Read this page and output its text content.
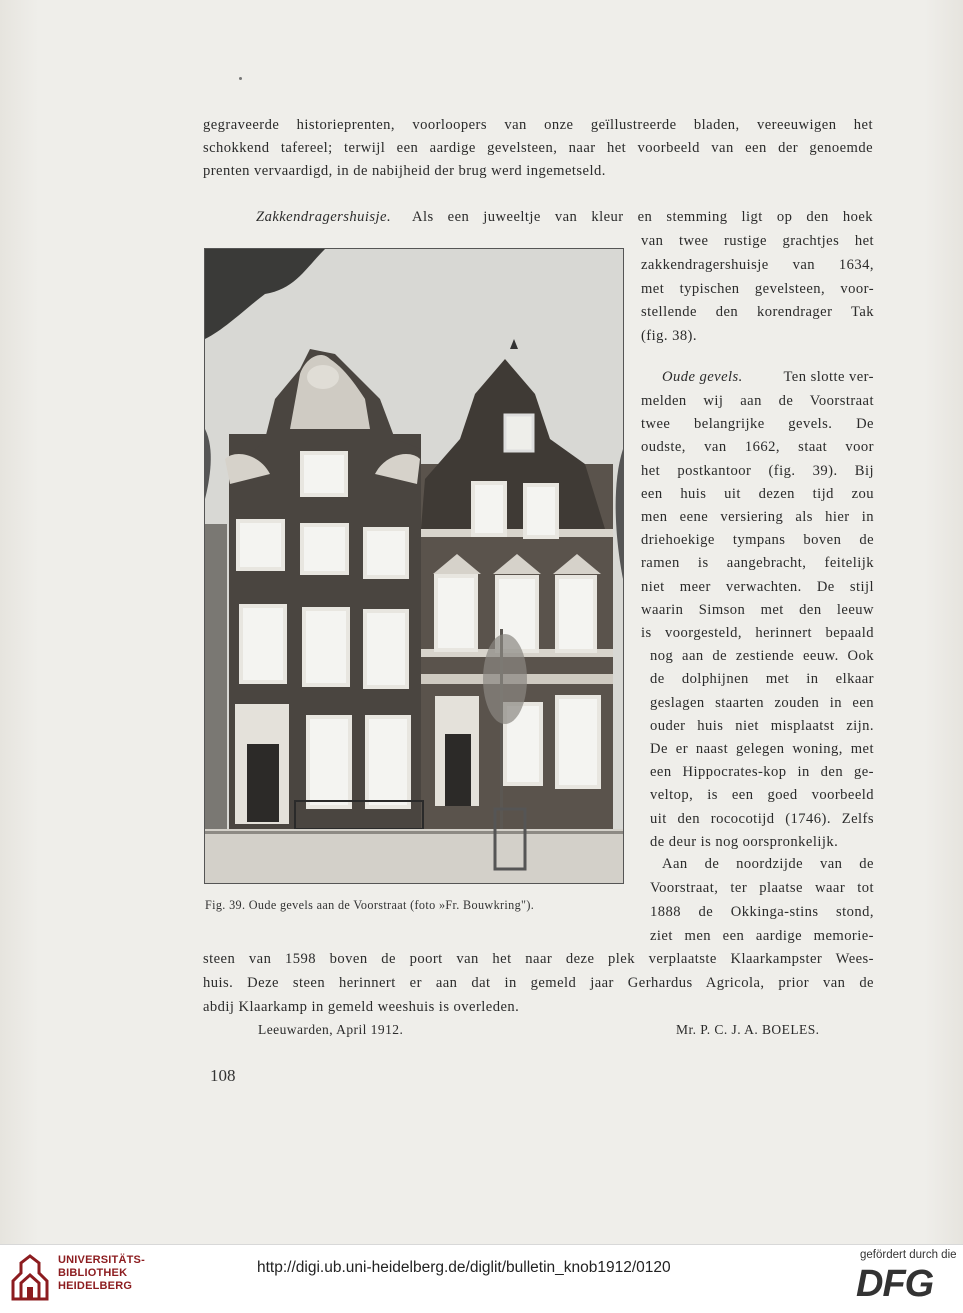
gegraveerde historieprenten, voorloopers van onze geïllustreerde bladen, vereeuwigen het
schokkend tafereel; terwijl een aardige gevelsteen, naar het voorbeeld van een der genoemde
prenten vervaardigd, in de nabijheid der brug werd ingemetseld.
Zakkendragershuisje. Als een juweeltje van kleur en stemming ligt op den hoek
van twee rustige grachtjes het
zakkendragershuisje van 1634,
met typischen gevelsteen, voor-
stellende den korendrager Tak
(fig. 38).
Oude gevels.	Ten slotte ver-
melden wij aan de Voorstraat
twee belangrijke gevels. De
oudste, van 1662, staat voor
het postkantoor (fig. 39). Bij
een huis uit dezen tijd zou
men eene versiering als hier in
driehoekige tympans boven de
ramen is aangebracht, feitelijk
niet meer verwachten. De stijl
waarin Simson met den leeuw
is voorgesteld, herinnert bepaald
nog aan de zestiende eeuw. Ook
de dolphijnen met in elkaar
geslagen staarten zouden in een
ouder huis niet misplaatst zijn.
De er naast gelegen woning, met
een Hippocrates-kop in den ge-
veltop, is een goed voorbeeld
uit den rococotijd (1746). Zelfs
de deur is nog oorspronkelijk.
Aan de noordzijde van de
Voorstraat, ter plaatse waar tot
1888 de Okkinga-stins stond,
ziet men een aardige memorie-
steen van 1598 boven de poort van het naar deze plek verplaatste Klaarkampster Wees-
huis. Deze steen herinnert er aan dat in gemeld jaar Gerhardus Agricola, prior van de
abdij Klaarkamp in gemeld weeshuis is overleden.
Leeuwarden, April 1912.	Mr. P. C. J. A. BOELES.
Fig. 39. Oude gevels aan de Voorstraat (foto »Fr. Bouwkring").
108
UNIVERSITÄTS-
BIBLIOTHEK
HEIDELBERG
http://digi.ub.uni-heidelberg.de/diglit/bulletin_knob1912/0120
gefördert durch die
DFG
